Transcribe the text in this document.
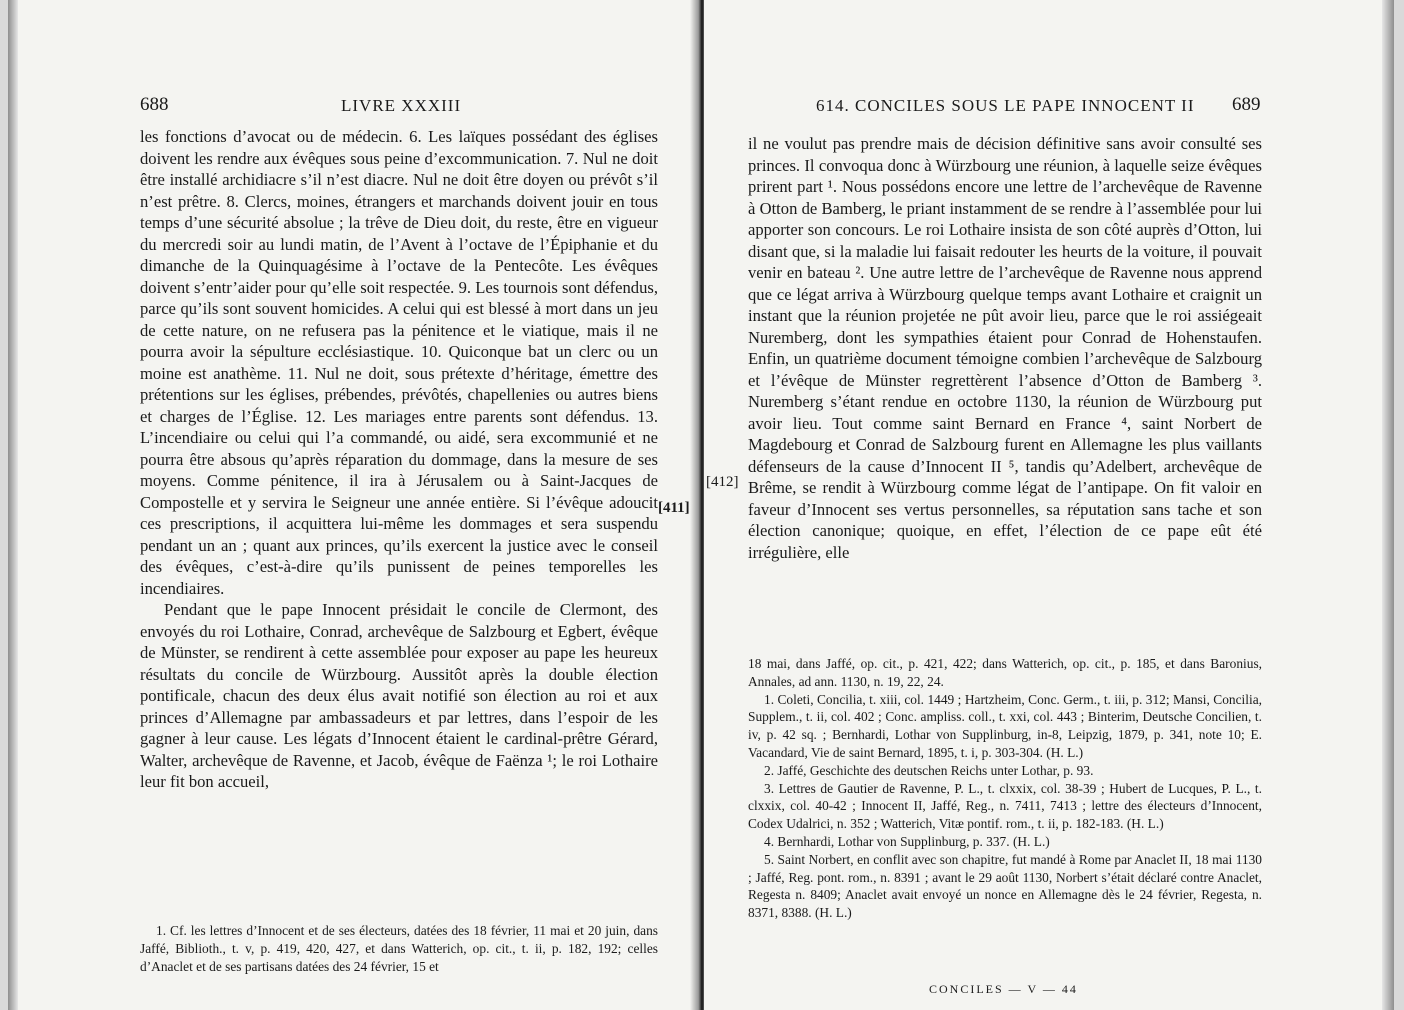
688	LIVRE XXXIII

les fonctions d’avocat ou de médecin. 6. Les laïques possédant des églises doivent les rendre aux évêques sous peine d’excommunication. 7. Nul ne doit être installé archidiacre s’il n’est diacre. Nul ne doit être doyen ou prévôt s’il n’est prêtre. 8. Clercs, moines, étrangers et marchands doivent jouir en tous temps d’une sécurité absolue ; la trêve de Dieu doit, du reste, être en vigueur du mercredi soir au lundi matin, de l’Avent à l’octave de l’Épiphanie et du dimanche de la Quinquagésime à l’octave de la Pentecôte. Les évêques doivent s’entr’aider pour qu’elle soit respectée. 9. Les tournois sont défendus, parce qu’ils sont souvent homicides. A celui qui est blessé à mort dans un jeu de cette nature, on ne refusera pas la pénitence et le viatique, mais il ne pourra avoir la sépulture ecclésiastique. 10. Quiconque bat un clerc ou un moine est anathème. 11. Nul ne doit, sous prétexte d’héritage, émettre des prétentions sur les églises, prébendes, prévôtés, chapellenies ou autres biens et charges de l’Église. 12. Les mariages entre parents sont défendus. 13. L’incendiaire ou celui qui l’a commandé, ou aidé, sera excommunié et ne pourra être absous qu’après réparation du dommage, dans la mesure de ses moyens. Comme pénitence, il ira à Jérusalem ou à Saint-Jacques de Compostelle et y servira le Seigneur une année entière. Si l’évêque adoucit ces prescriptions, il acquittera lui-même les dommages et sera suspendu pendant un an ; quant aux princes, qu’ils exercent la justice avec le conseil des évêques, c’est-à-dire qu’ils punissent de peines temporelles les incendiaires.

Pendant que le pape Innocent présidait le concile de Clermont, des envoyés du roi Lothaire, Conrad, archevêque de Salzbourg et Egbert, évêque de Münster, se rendirent à cette assemblée pour exposer au pape les heureux résultats du concile de Würzbourg. Aussitôt après la double élection pontificale, chacun des deux élus avait notifié son élection au roi et aux princes d’Allemagne par ambassadeurs et par lettres, dans l’espoir de les gagner à leur cause. Les légats d’Innocent étaient le cardinal-prêtre Gérard, Walter, archevêque de Ravenne, et Jacob, évêque de Faënza ¹; le roi Lothaire leur fit bon accueil,

1. Cf. les lettres d’Innocent et de ses électeurs, datées des 18 février, 11 mai et 20 juin, dans Jaffé, Biblioth., t. v, p. 419, 420, 427, et dans Watterich, op. cit., t. ii, p. 182, 192; celles d’Anaclet et de ses partisans datées des 24 février, 15 et

[411]
614. CONCILES SOUS LE PAPE INNOCENT II 689
[412]

il ne voulut pas prendre mais de décision définitive sans avoir consulté ses princes. Il convoqua donc à Würzbourg une réunion, à laquelle seize évêques prirent part ¹. Nous possédons encore une lettre de l’archevêque de Ravenne à Otton de Bamberg, le priant instamment de se rendre à l’assemblée pour lui apporter son concours. Le roi Lothaire insista de son côté auprès d’Otton, lui disant que, si la maladie lui faisait redouter les heurts de la voiture, il pouvait venir en bateau ². Une autre lettre de l’archevêque de Ravenne nous apprend que ce légat arriva à Würzbourg quelque temps avant Lothaire et craignit un instant que la réunion projetée ne pût avoir lieu, parce que le roi assiégeait Nuremberg, dont les sympathies étaient pour Conrad de Hohenstaufen. Enfin, un quatrième document témoigne combien l’archevêque de Salzbourg et l’évêque de Münster regrettèrent l’absence d’Otton de Bamberg ³. Nuremberg s’étant rendue en octobre 1130, la réunion de Würzbourg put avoir lieu. Tout comme saint Bernard en France ⁴, saint Norbert de Magdebourg et Conrad de Salzbourg furent en Allemagne les plus vaillants défenseurs de la cause d’Innocent II ⁵, tandis qu’Adelbert, archevêque de Brême, se rendit à Würzbourg comme légat de l’antipape. On fit valoir en faveur d’Innocent ses vertus personnelles, sa réputation sans tache et son élection canonique; quoique, en effet, l’élection de ce pape eût été irrégulière, elle

18 mai, dans Jaffé, op. cit., p. 421, 422; dans Watterich, op. cit., p. 185, et dans Baronius, Annales, ad ann. 1130, n. 19, 22, 24.

1. Coleti, Concilia, t. xiii, col. 1449 ; Hartzheim, Conc. Germ., t. iii, p. 312; Mansi, Concilia, Supplem., t. ii, col. 402 ; Conc. ampliss. coll., t. xxi, col. 443 ; Binterim, Deutsche Concilien, t. iv, p. 42 sq. ; Bernhardi, Lothar von Supplinburg, in-8, Leipzig, 1879, p. 341, note 10; E. Vacandard, Vie de saint Bernard, 1895, t. i, p. 303-304. (H. L.)

2. Jaffé, Geschichte des deutschen Reichs unter Lothar, p. 93.

3. Lettres de Gautier de Ravenne, P. L., t. clxxix, col. 38-39 ; Hubert de Lucques, P. L., t. clxxix, col. 40-42 ; Innocent II, Jaffé, Reg., n. 7411, 7413 ; lettre des électeurs d’Innocent, Codex Udalrici, n. 352 ; Watterich, Vitæ pontif. rom., t. ii, p. 182-183. (H. L.)

4. Bernhardi, Lothar von Supplinburg, p. 337. (H. L.)

5. Saint Norbert, en conflit avec son chapitre, fut mandé à Rome par Anaclet II, 18 mai 1130 ; Jaffé, Reg. pont. rom., n. 8391 ; avant le 29 août 1130, Norbert s’était déclaré contre Anaclet, Regesta n. 8409; Anaclet avait envoyé un nonce en Allemagne dès le 24 février, Regesta, n. 8371, 8388. (H. L.)

CONCILES — V — 44
